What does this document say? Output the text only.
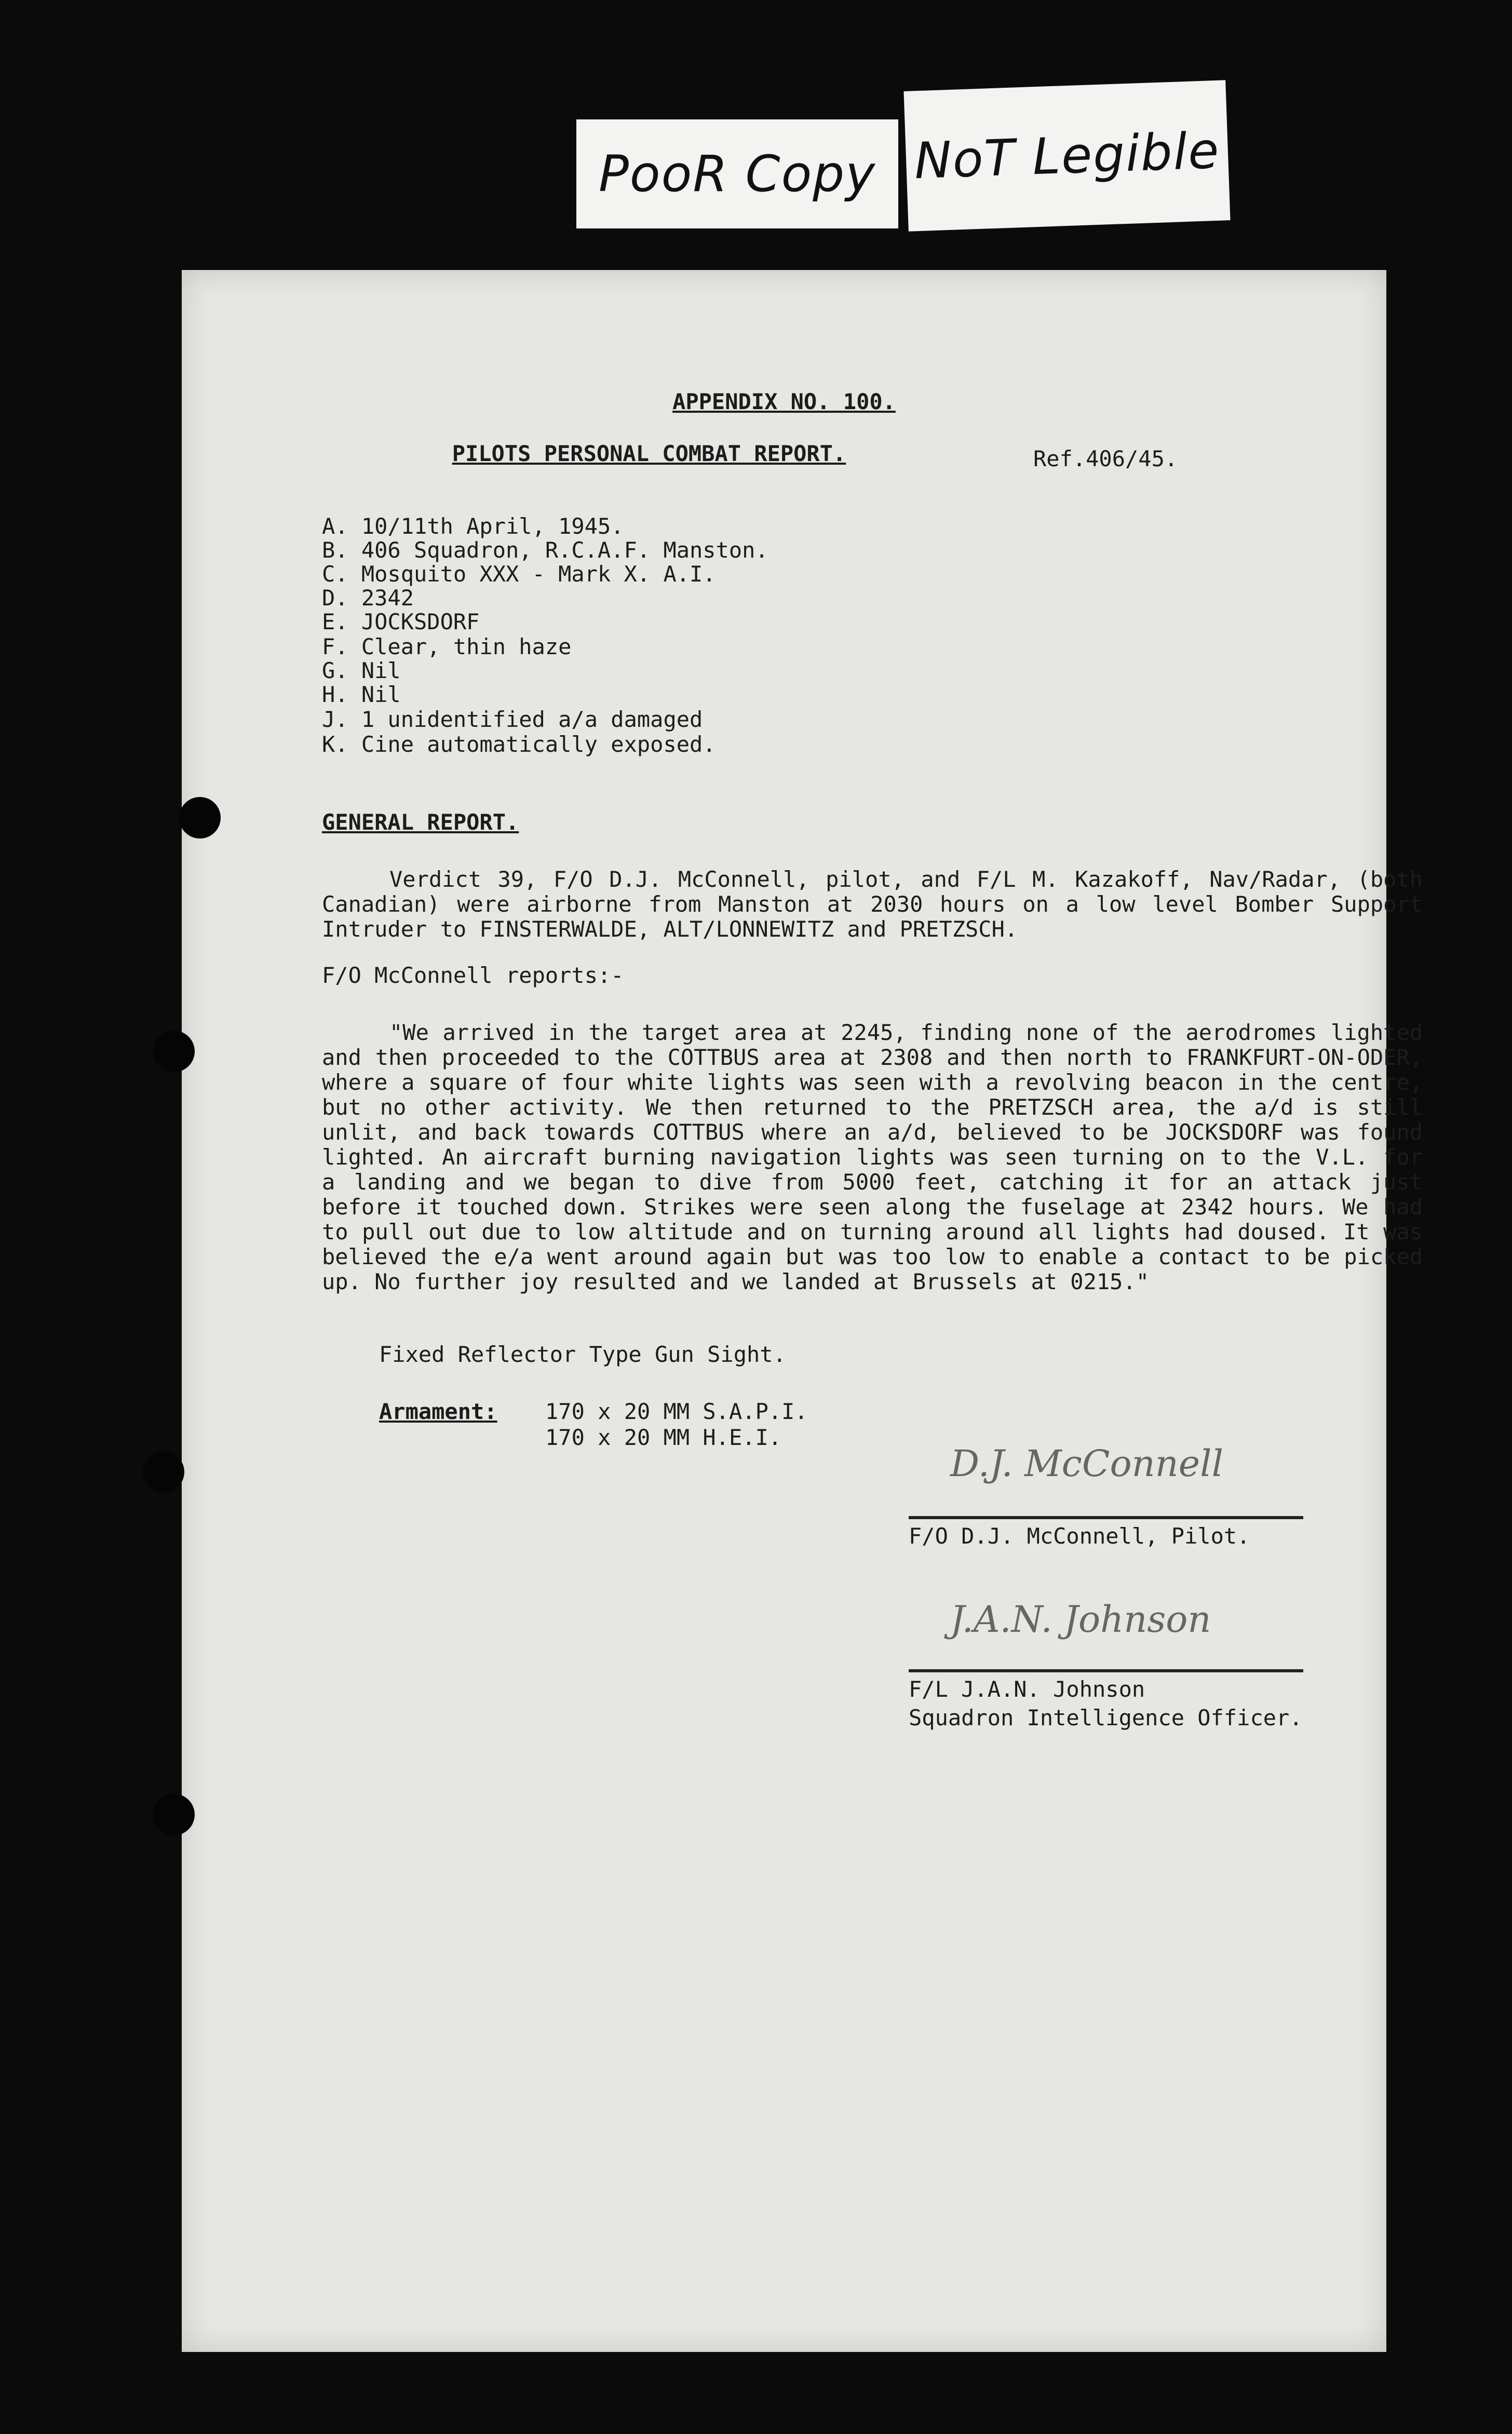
PooR Copy NoT Legible
APPENDIX NO. 100.
PILOTS PERSONAL COMBAT REPORT.	Ref.406/45.
A. 10/11th April, 1945.
B. 406 Squadron, R.C.A.F. Manston.
C. Mosquito XXX - Mark X. A.I.
D. 2342
E. JOCKSDORF
F. Clear, thin haze
G. Nil
H. Nil
J. 1 unidentified a/a damaged
K. Cine automatically exposed.
GENERAL REPORT.
Verdict 39, F/O D.J. McConnell, pilot, and F/L M. Kazakoff, Nav/Radar, (both Canadian) were airborne from Manston at 2030 hours on a low level Bomber Support Intruder to FINSTERWALDE, ALT/LONNEWITZ and PRETZSCH.
F/O McConnell reports:-
"We arrived in the target area at 2245, finding none of the aerodromes lighted and then proceeded to the COTTBUS area at 2308 and then north to FRANKFURT-ON-ODER, where a square of four white lights was seen with a revolving beacon in the centre, but no other activity. We then returned to the PRETZSCH area, the a/d is still unlit, and back towards COTTBUS where an a/d, believed to be JOCKSDORF was found lighted. An aircraft burning navigation lights was seen turning on to the V.L. for a landing and we began to dive from 5000 feet, catching it for an attack just before it touched down. Strikes were seen along the fuselage at 2342 hours. We had to pull out due to low altitude and on turning around all lights had doused. It was believed the e/a went around again but was too low to enable a contact to be picked up. No further joy resulted and we landed at Brussels at 0215."
Fixed Reflector Type Gun Sight.
Armament: 170 x 20 MM S.A.P.I.
170 x 20 MM H.E.I.
D.J. McConnell
F/O D.J. McConnell, Pilot.
J.A.N. Johnson
F/L J.A.N. Johnson
Squadron Intelligence Officer.
